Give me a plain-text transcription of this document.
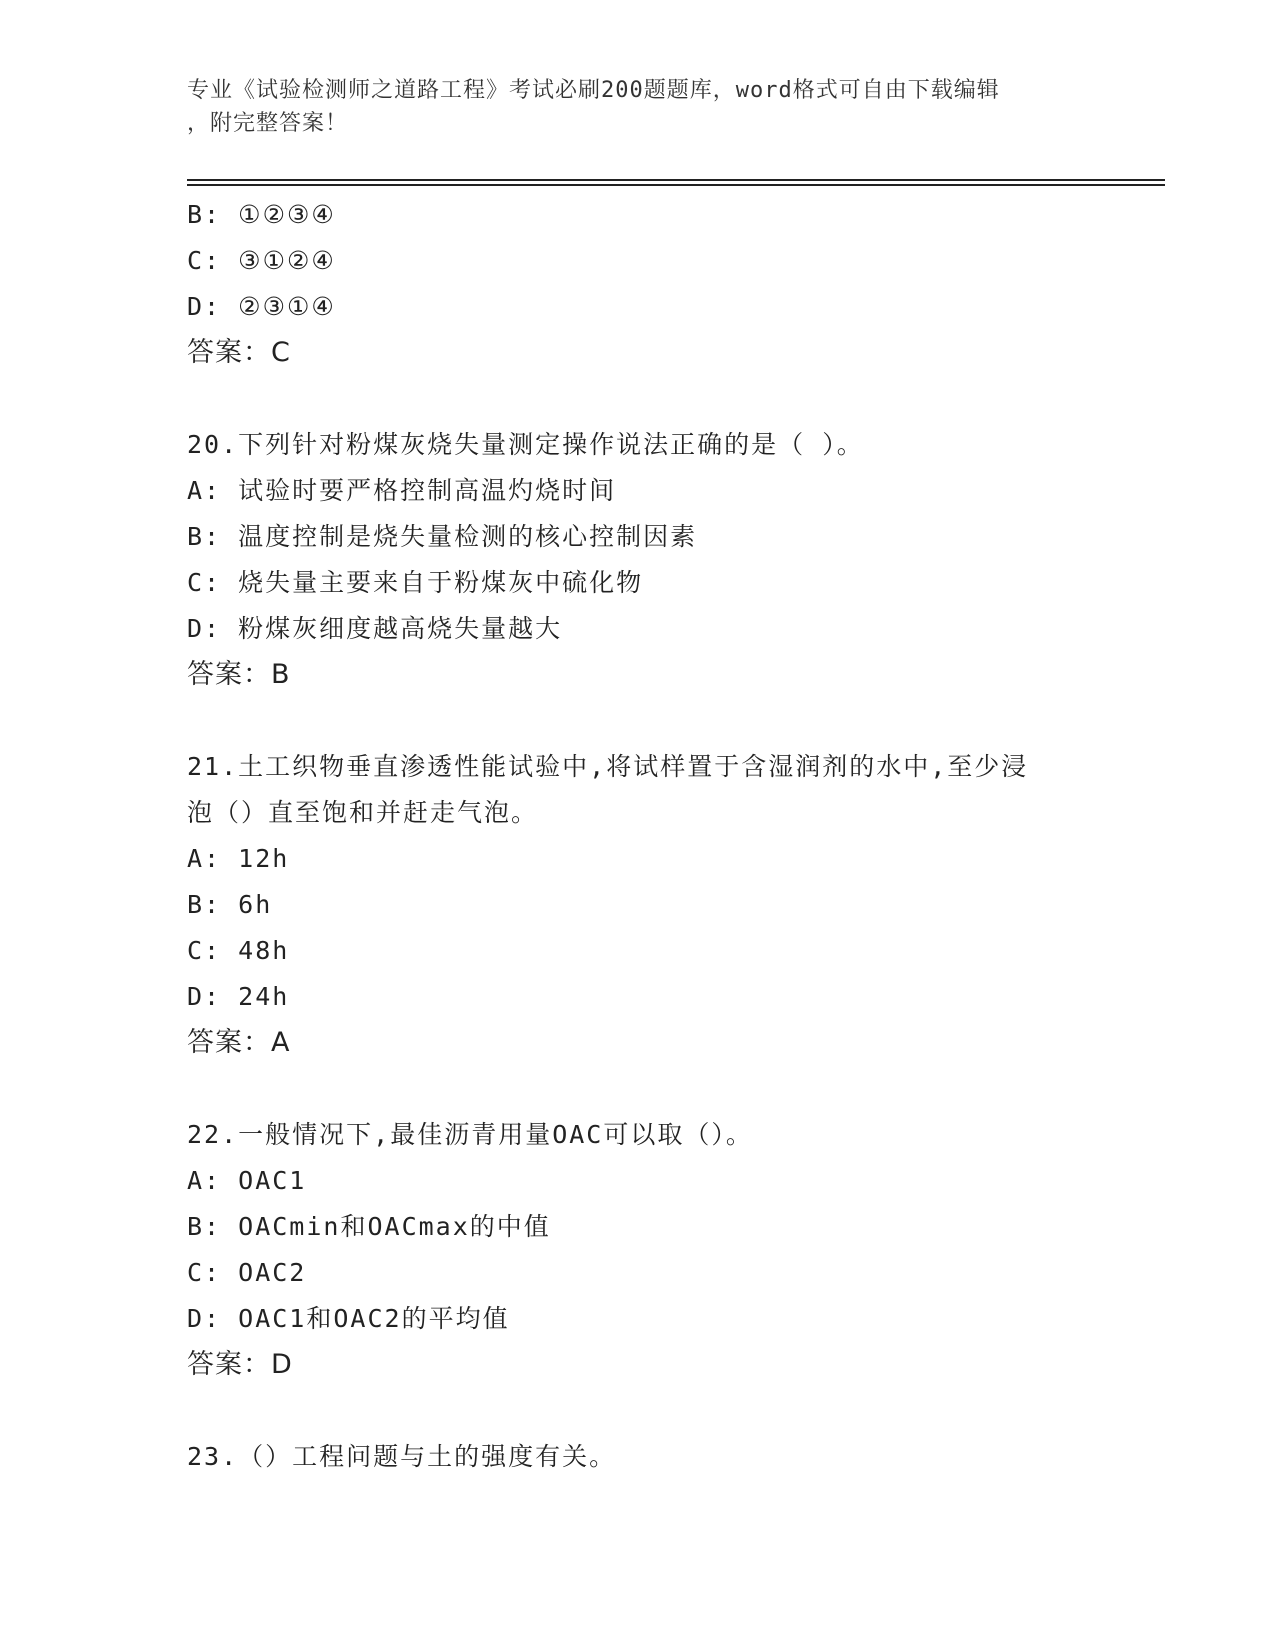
专业《试验检测师之道路工程》考试必刷200题题库，word格式可自由下载编辑
，附完整答案！
B: ①②③④
C: ③①②④
D: ②③①④
答案：C
20.下列针对粉煤灰烧失量测定操作说法正确的是（ ）。
A: 试验时要严格控制高温灼烧时间
B: 温度控制是烧失量检测的核心控制因素
C: 烧失量主要来自于粉煤灰中硫化物
D: 粉煤灰细度越高烧失量越大
答案：B
21.土工织物垂直渗透性能试验中,将试样置于含湿润剂的水中,至少浸
泡（）直至饱和并赶走气泡。
A: 12h
B: 6h
C: 48h
D: 24h
答案：A
22.一般情况下,最佳沥青用量OAC可以取（）。
A: OAC1
B: OACmin和OACmax的中值
C: OAC2
D: OAC1和OAC2的平均值
答案：D
23.（）工程问题与土的强度有关。
